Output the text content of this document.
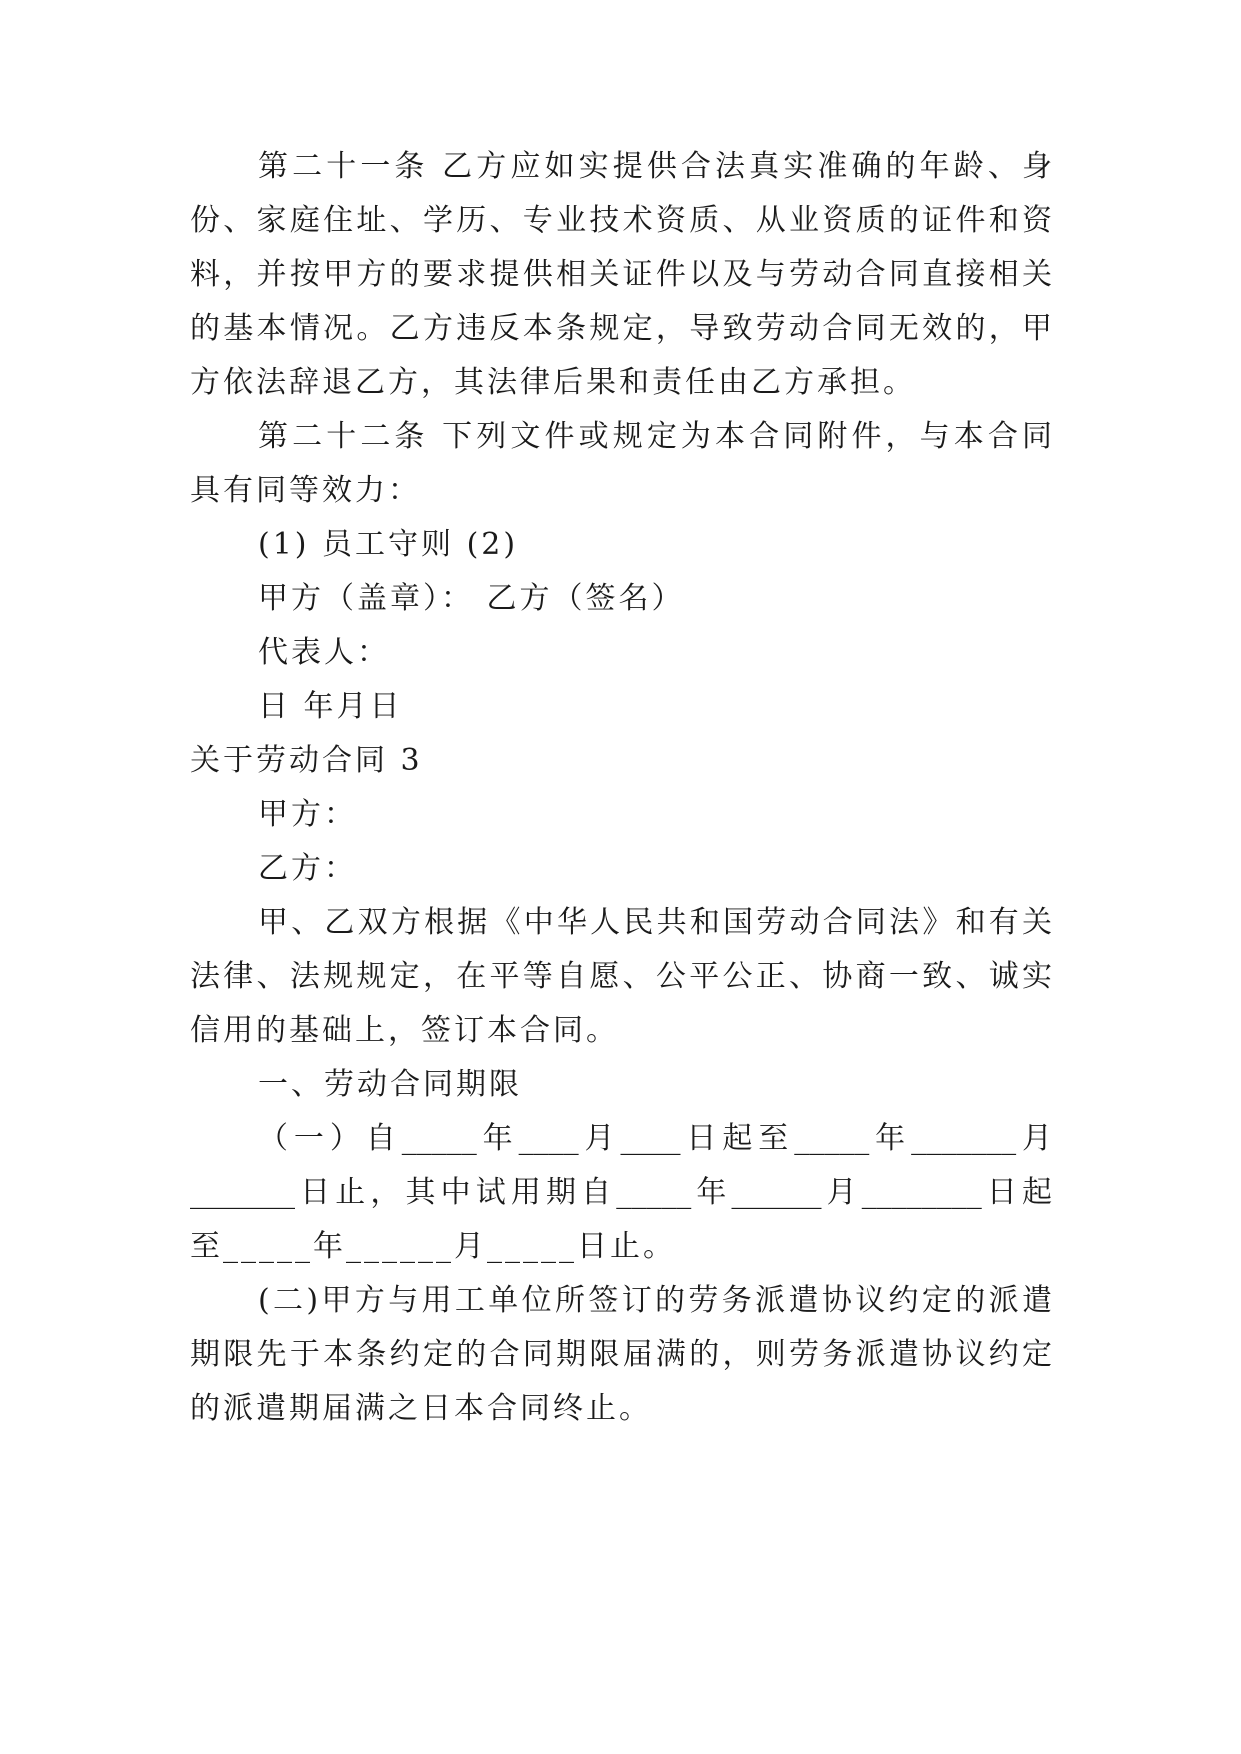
第二十一条 乙方应如实提供合法真实准确的年龄、身
份、家庭住址、学历、专业技术资质、从业资质的证件和资
料，并按甲方的要求提供相关证件以及与劳动合同直接相关
的基本情况。乙方违反本条规定，导致劳动合同无效的，甲
方依法辞退乙方，其法律后果和责任由乙方承担。
第二十二条 下列文件或规定为本合同附件，与本合同
具有同等效力：
(1) 员工守则 (2)
甲方（盖章）： 乙方（签名）
代表人：
日 年月日
关于劳动合同 3
甲方：
乙方：
甲、乙双方根据《中华人民共和国劳动合同法》和有关
法律、法规规定，在平等自愿、公平公正、协商一致、诚实
信用的基础上，签订本合同。
一、劳动合同期限
（一）自_____年____月____日起至_____年_______月
_______日止，其中试用期自_____年______月________日起
至_____年______月_____日止。
(二)甲方与用工单位所签订的劳务派遣协议约定的派遣
期限先于本条约定的合同期限届满的，则劳务派遣协议约定
的派遣期届满之日本合同终止。
